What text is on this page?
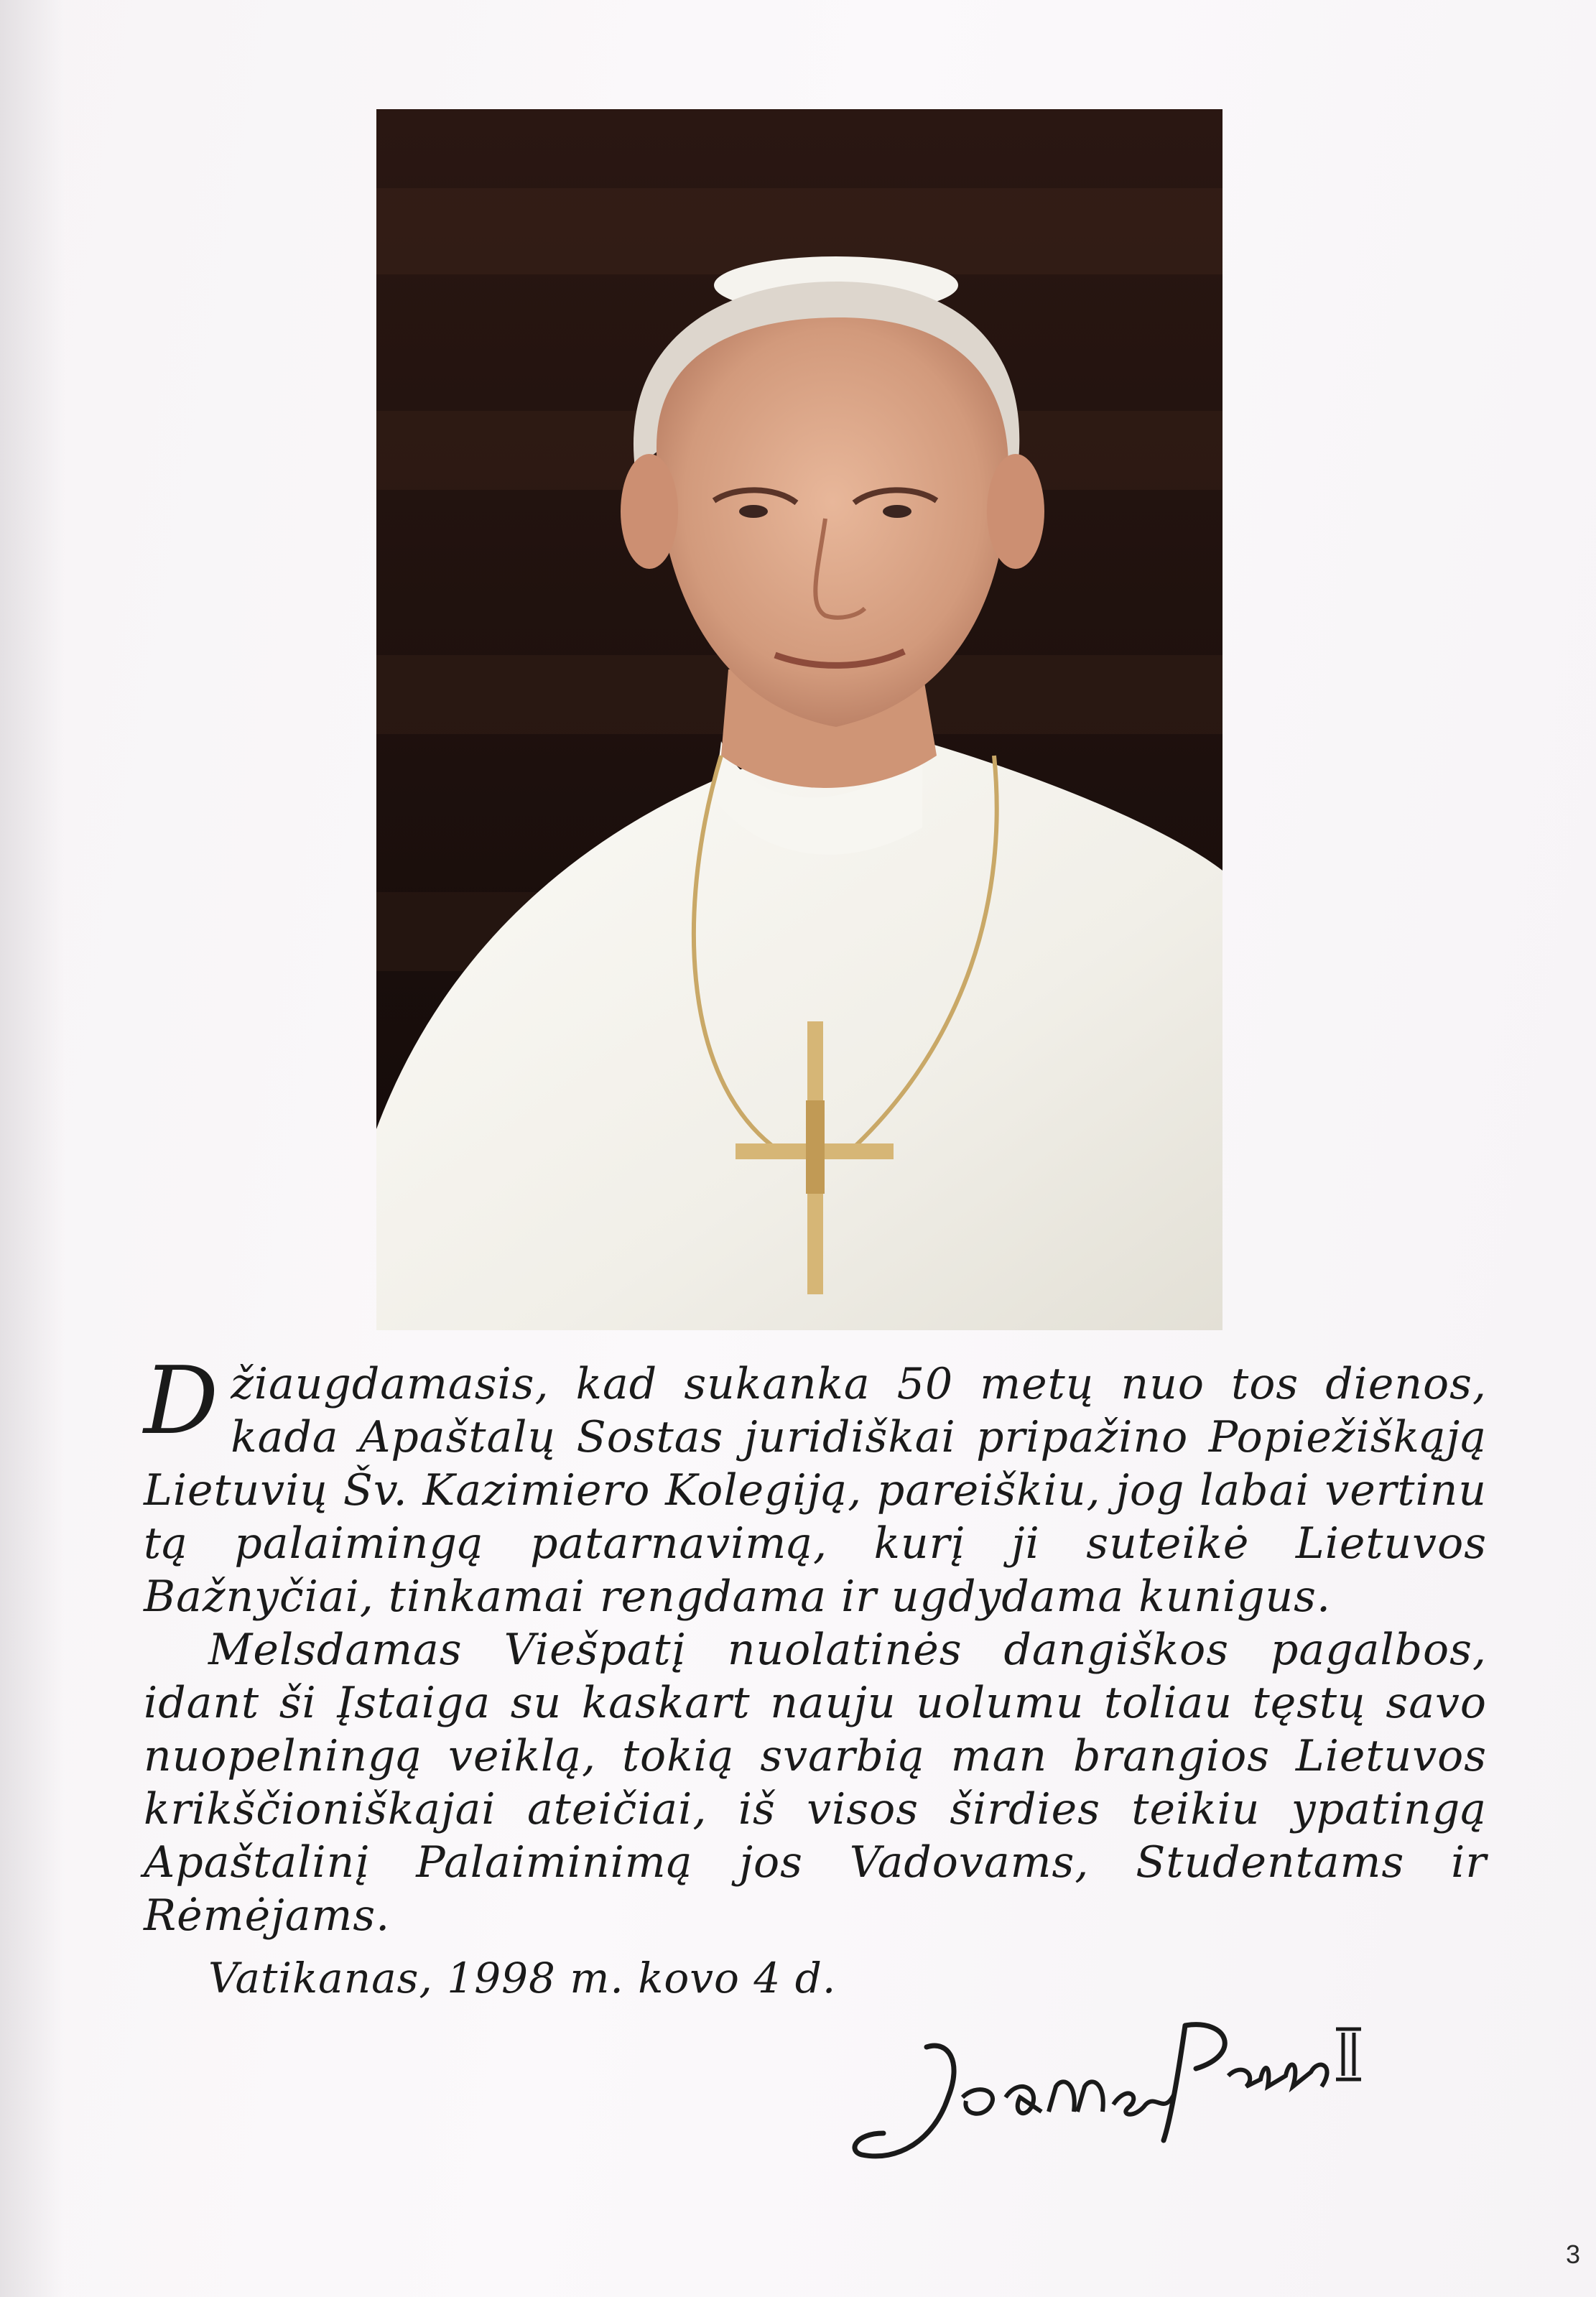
Džiaugdamasis, kad sukanka 50 metų nuo tos dienos, kada Apaštalų Sostas juridiškai pripažino Popiežiškąją Lietuvių Šv. Kazimiero Kolegiją, pareiškiu, jog labai vertinu tą palaimingą patarnavimą, kurį ji suteikė Lietuvos Bažnyčiai, tinkamai rengdama ir ugdydama kunigus.

Melsdamas Viešpatį nuolatinės dangiškos pagalbos, idant ši Įstaiga su kaskart nauju uolumu toliau tęstų savo nuopelningą veiklą, tokią svarbią man brangios Lietuvos krikščioniškajai ateičiai, iš visos širdies teikiu ypatingą Apaštalinį Palaiminimą jos Vadovams, Studentams ir Rėmėjams.

Vatikanas, 1998 m. kovo 4 d.
3
